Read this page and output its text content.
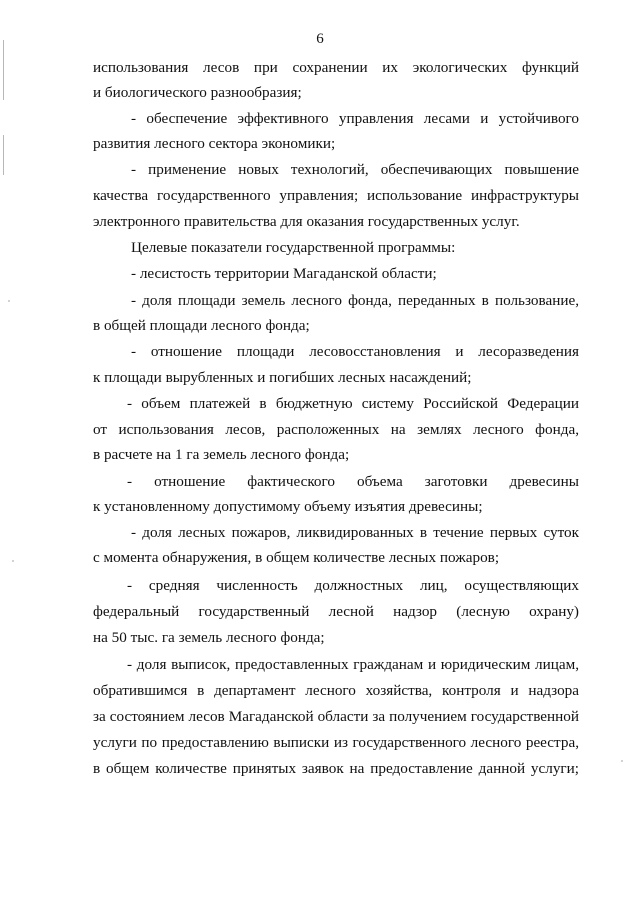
6
использования лесов при сохранении их экологических функций
и биологического разнообразия;
- обеспечение эффективного управления лесами и устойчивого
развития лесного сектора экономики;
- применение новых технологий, обеспечивающих повышение
качества государственного управления; использование инфраструктуры
электронного правительства для оказания государственных услуг.
Целевые показатели государственной программы:
- лесистость территории Магаданской области;
- доля площади земель лесного фонда, переданных в пользование,
в общей площади лесного фонда;
- отношение площади лесовосстановления и лесоразведения
к площади вырубленных и погибших лесных насаждений;
- объем платежей в бюджетную систему Российской Федерации
от использования лесов, расположенных на землях лесного фонда,
в расчете на 1 га земель лесного фонда;
- отношение фактического объема заготовки древесины
к установленному допустимому объему изъятия древесины;
- доля лесных пожаров, ликвидированных в течение первых суток
с момента обнаружения, в общем количестве лесных пожаров;
- средняя численность должностных лиц, осуществляющих
федеральный государственный лесной надзор (лесную охрану)
на 50 тыс. га земель лесного фонда;
- доля выписок, предоставленных гражданам и юридическим лицам,
обратившимся в департамент лесного хозяйства, контроля и надзора
за состоянием лесов Магаданской области за получением государственной
услуги по предоставлению выписки из государственного лесного реестра,
в общем количестве принятых заявок на предоставление данной услуги;
